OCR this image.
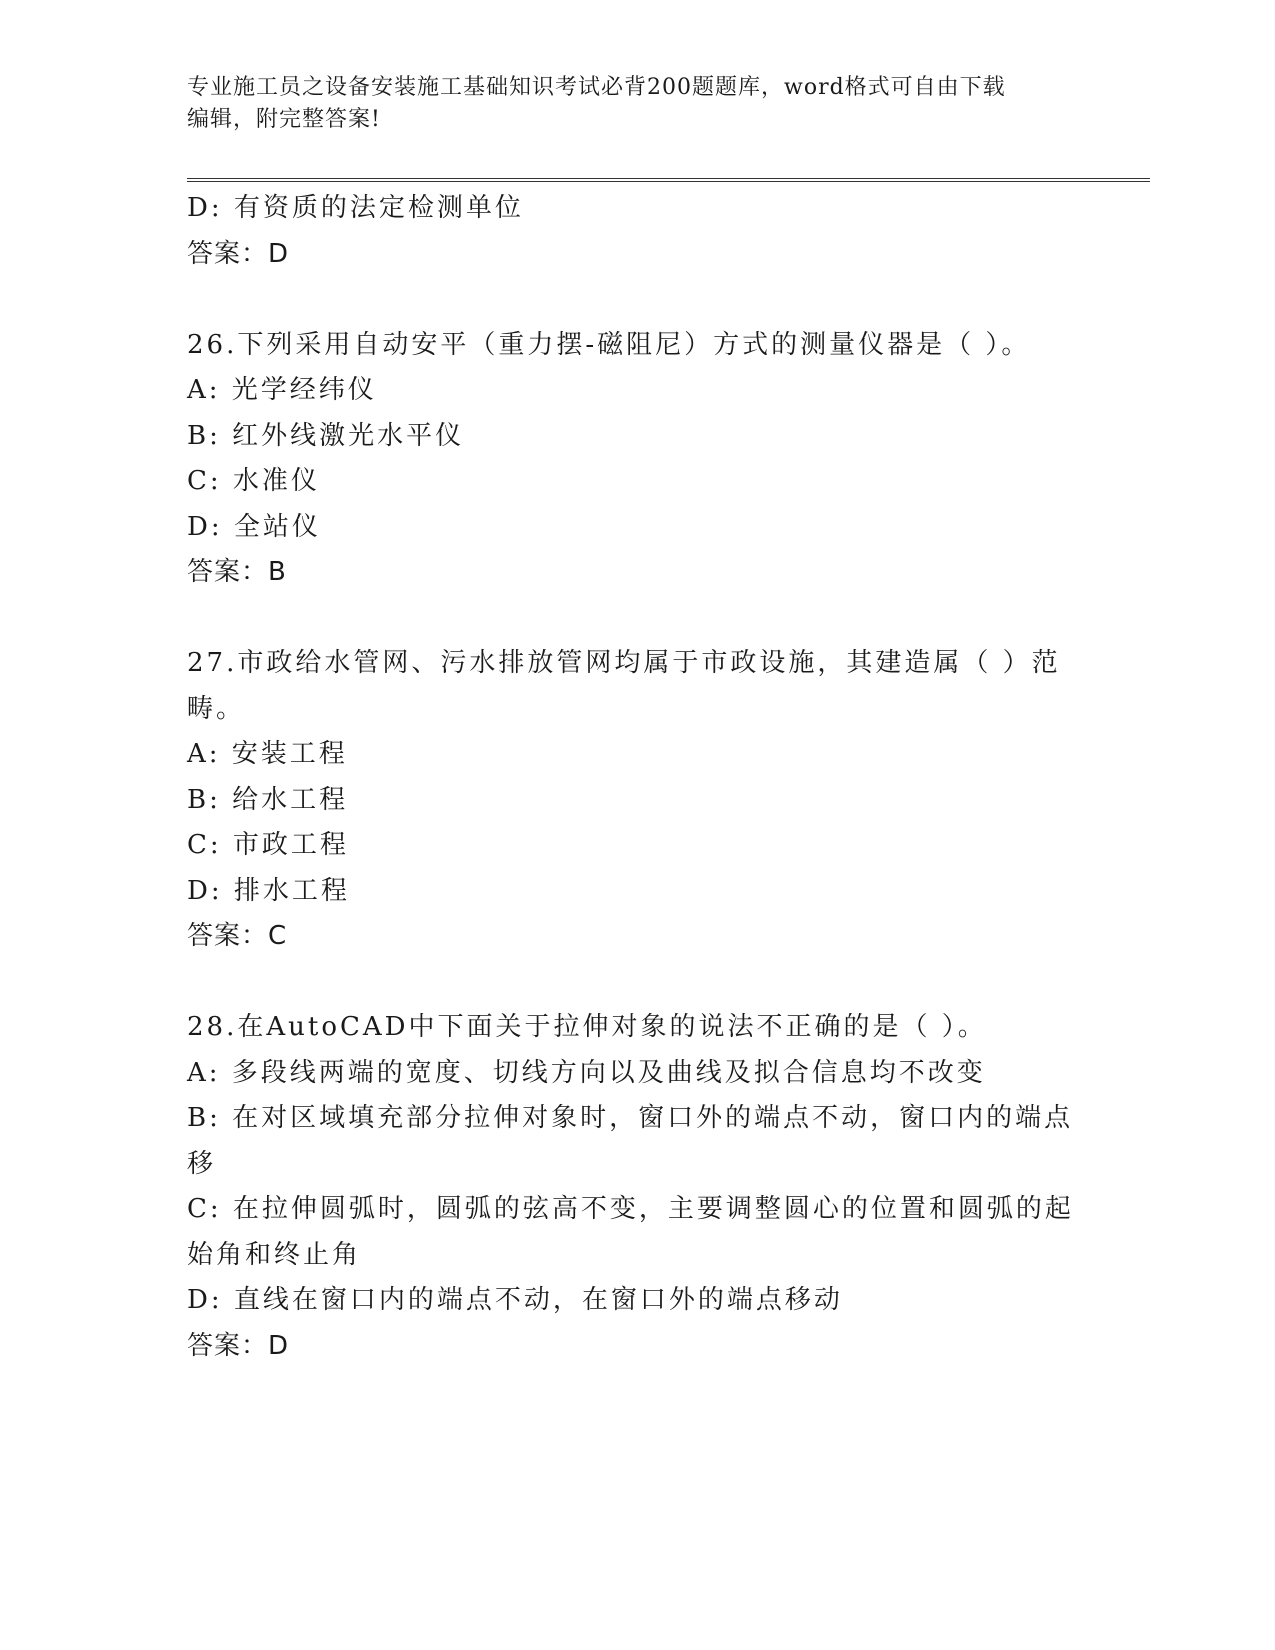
专业施工员之设备安装施工基础知识考试必背200题题库，word格式可自由下载
编辑，附完整答案!
D: 有资质的法定检测单位
答案：D
26.下列采用自动安平（重力摆-磁阻尼）方式的测量仪器是（ ）。
A: 光学经纬仪
B: 红外线激光水平仪
C: 水准仪
D: 全站仪
答案：B
27.市政给水管网、污水排放管网均属于市政设施，其建造属（ ）范
畴。
A: 安装工程
B: 给水工程
C: 市政工程
D: 排水工程
答案：C
28.在AutoCAD中下面关于拉伸对象的说法不正确的是（ ）。
A: 多段线两端的宽度、切线方向以及曲线及拟合信息均不改变
B: 在对区域填充部分拉伸对象时，窗口外的端点不动，窗口内的端点
移
C: 在拉伸圆弧时，圆弧的弦高不变，主要调整圆心的位置和圆弧的起
始角和终止角
D: 直线在窗口内的端点不动，在窗口外的端点移动
答案：D
